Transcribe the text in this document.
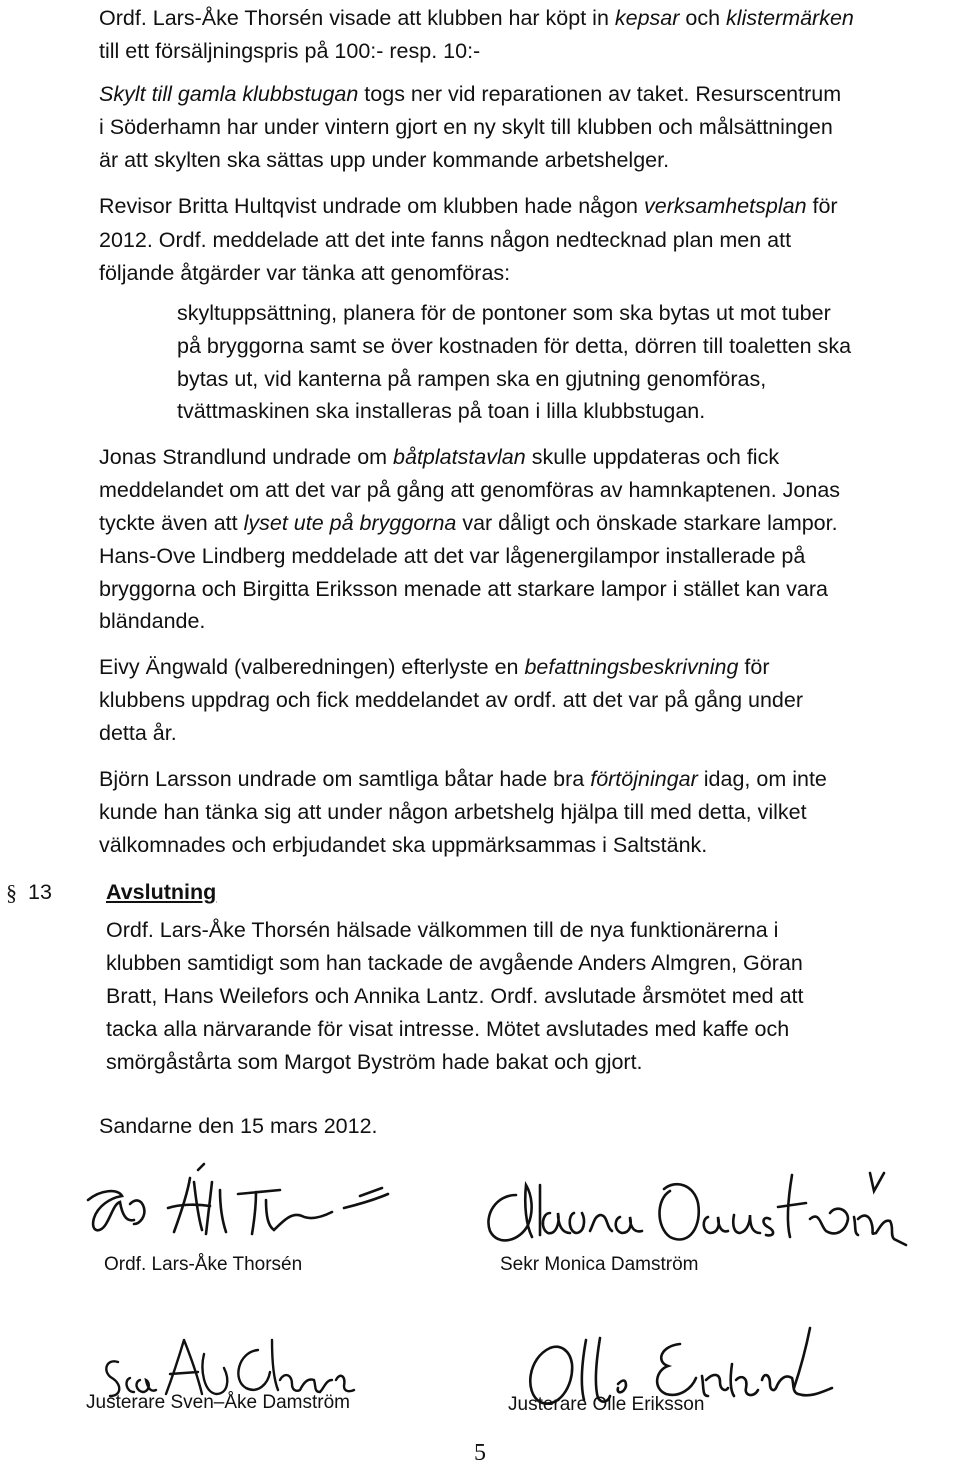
Ordf. Lars-Åke Thorsén visade att klubben har köpt in kepsar och klistermärken
till ett försäljningspris på 100:- resp. 10:-
Skylt till gamla klubbstugan togs ner vid reparationen av taket. Resurscentrum
i Söderhamn har under vintern gjort en ny skylt till klubben och målsättningen
är att skylten ska sättas upp under kommande arbetshelger.
Revisor Britta Hultqvist undrade om klubben hade någon verksamhetsplan för
2012. Ordf. meddelade att det inte fanns någon nedtecknad plan men att
följande åtgärder var tänka att genomföras:
skyltuppsättning, planera för de pontoner som ska bytas ut mot tuber
på bryggorna samt se över kostnaden för detta, dörren till toaletten ska
bytas ut, vid kanterna på rampen ska en gjutning genomföras,
tvättmaskinen ska installeras på toan i lilla klubbstugan.
Jonas Strandlund undrade om båtplatstavlan skulle uppdateras och fick
meddelandet om att det var på gång att genomföras av hamnkaptenen. Jonas
tyckte även att lyset ute på bryggorna var dåligt och önskade starkare lampor.
Hans-Ove Lindberg meddelade att det var lågenergilampor installerade på
bryggorna och Birgitta Eriksson menade att starkare lampor i stället kan vara
bländande.
Eivy Ängwald (valberedningen) efterlyste en befattningsbeskrivning för
klubbens uppdrag och fick meddelandet av ordf. att det var på gång under
detta år.
Björn Larsson undrade om samtliga båtar hade bra förtöjningar idag, om inte
kunde han tänka sig att under någon arbetshelg hjälpa till med detta, vilket
välkomnades och erbjudandet ska uppmärksammas i Saltstänk.
§ 13	Avslutning
Ordf. Lars-Åke Thorsén hälsade välkommen till de nya funktionärerna i
klubben samtidigt som han tackade de avgående Anders Almgren, Göran
Bratt, Hans Weilefors och Annika Lantz. Ordf. avslutade årsmötet med att
tacka alla närvarande för visat intresse. Mötet avslutades med kaffe och
smörgåstårta som Margot Byström hade bakat och gjort.
Sandarne den 15 mars 2012.
Ordf. Lars-Åke Thorsén	Sekr Monica Damström
Justerare Sven–Åke Damström	Justerare Olle Eriksson
5
